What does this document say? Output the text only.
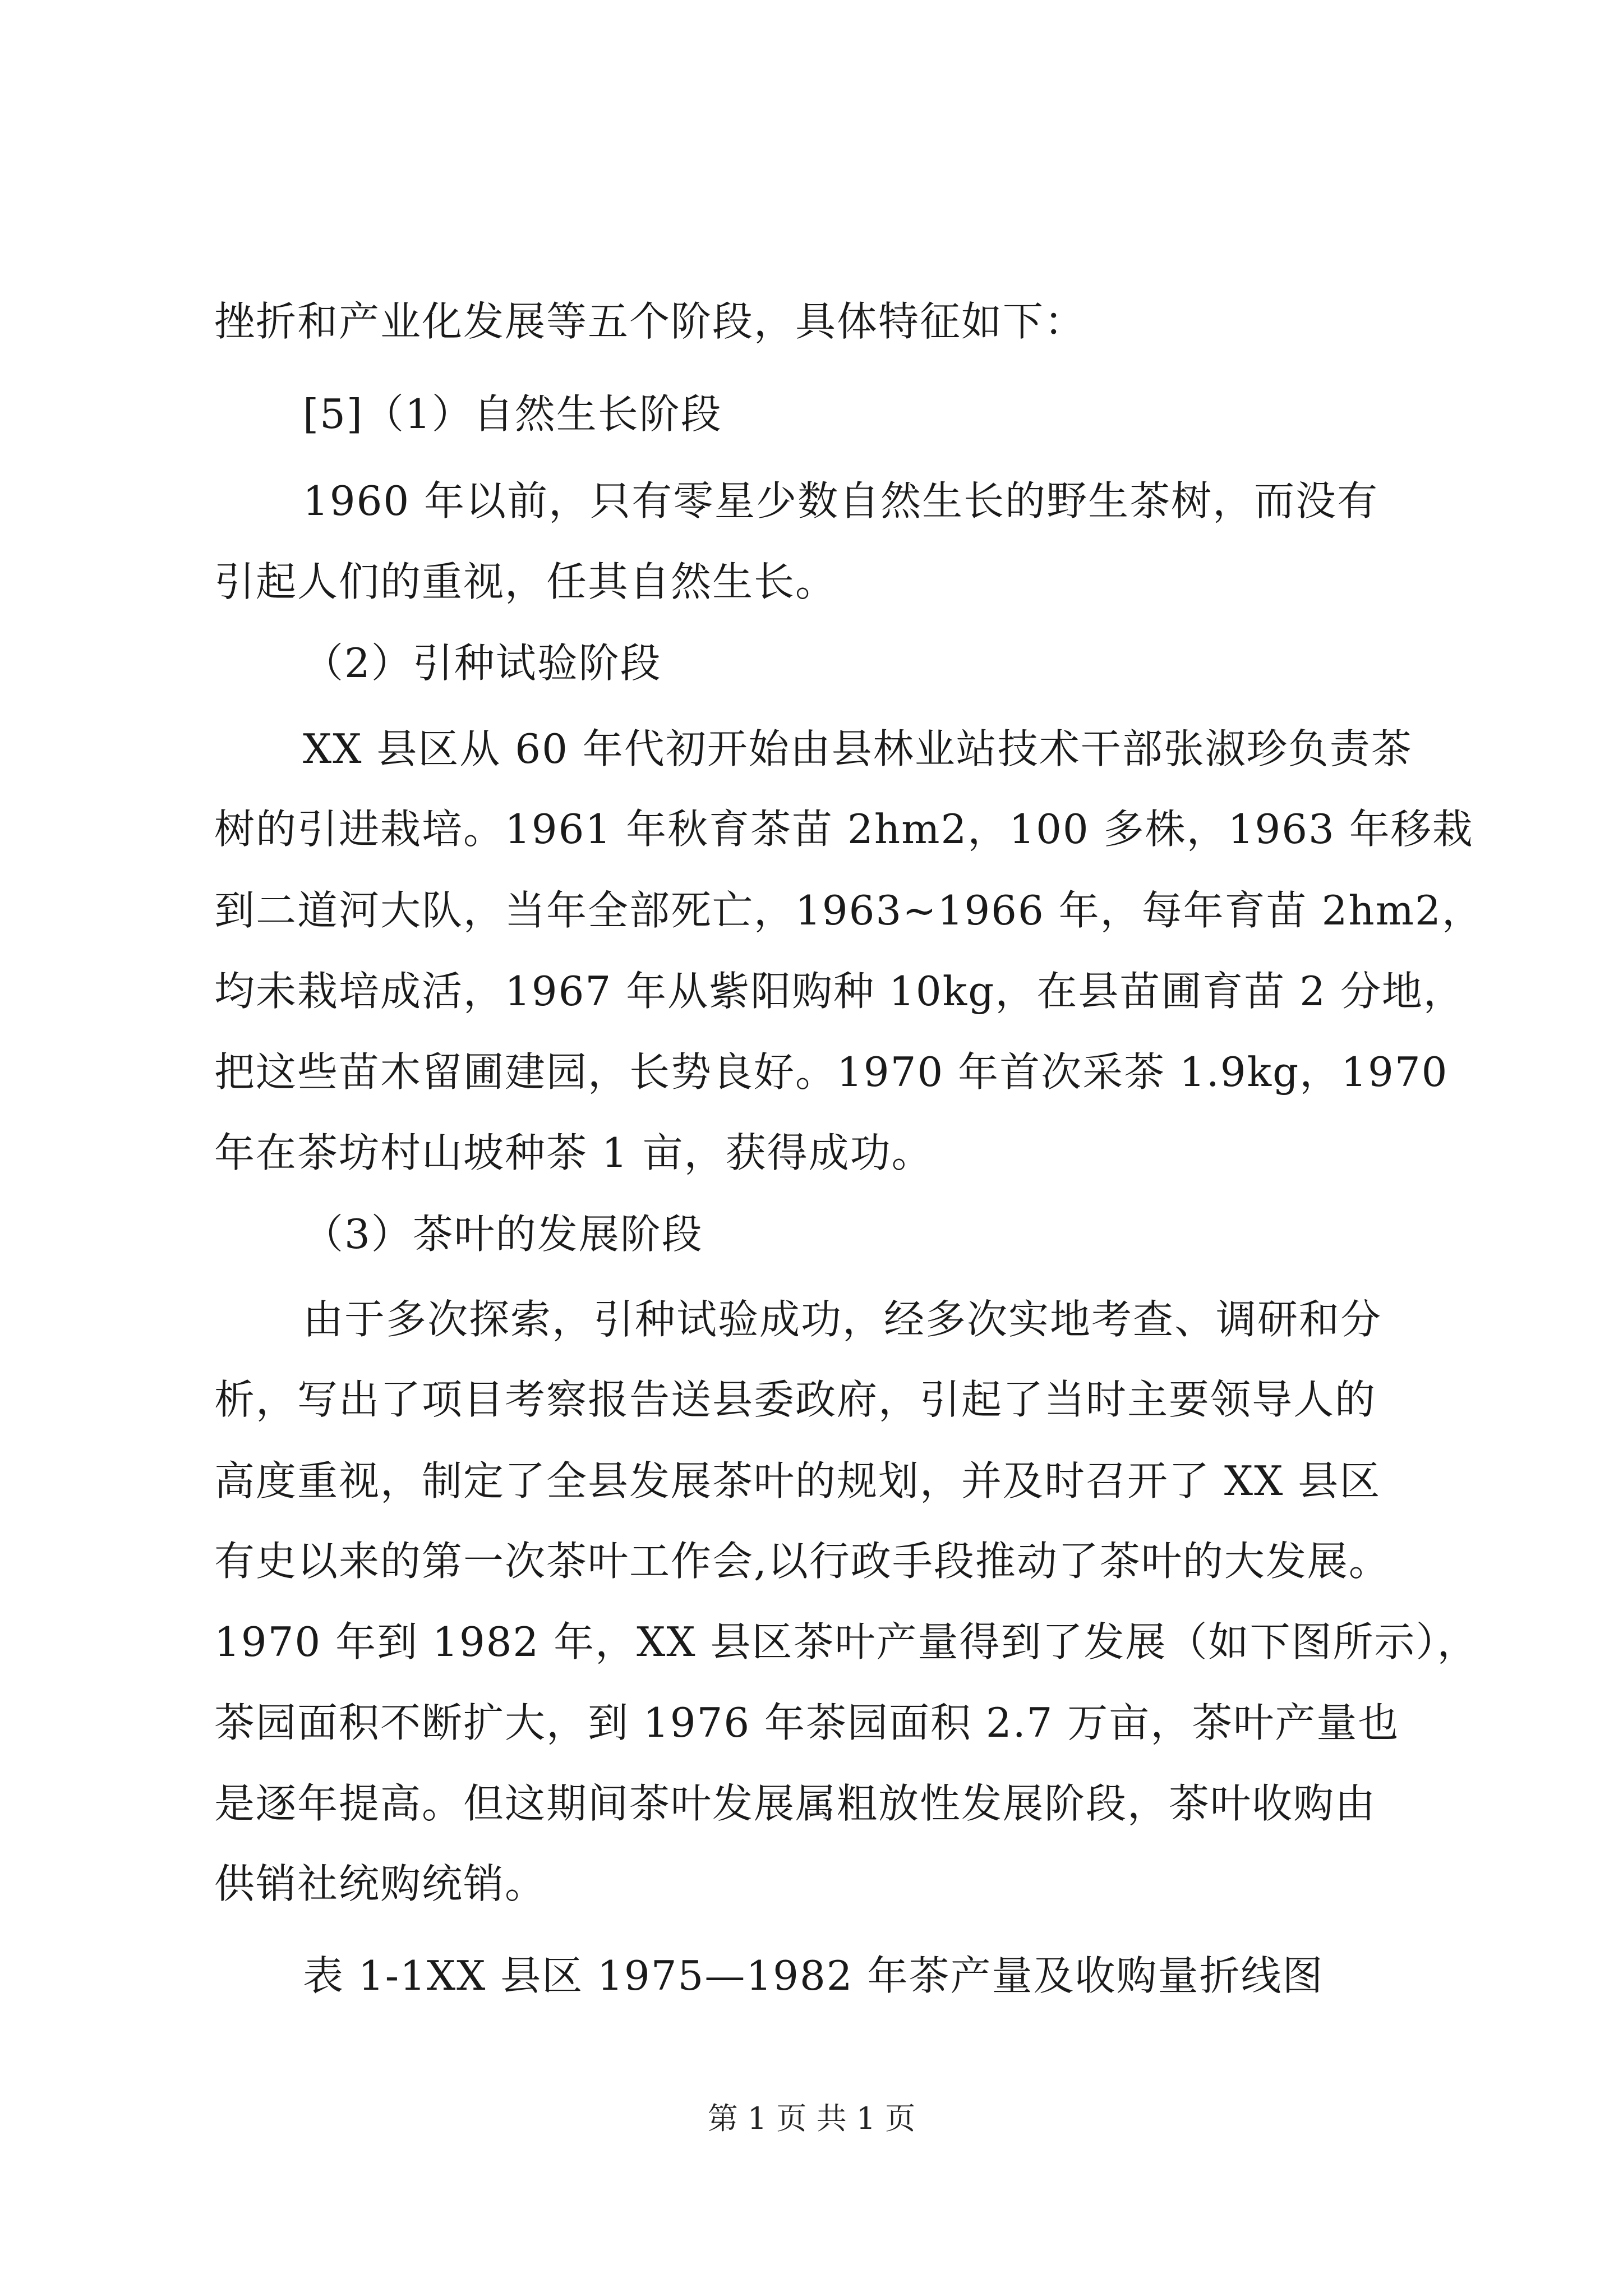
挫折和产业化发展等五个阶段，具体特征如下：
[5]（1）自然生长阶段
1960 年以前，只有零星少数自然生长的野生茶树，而没有
引起人们的重视，任其自然生长。
（2）引种试验阶段
XX 县区从 60 年代初开始由县林业站技术干部张淑珍负责茶
树的引进栽培。1961 年秋育茶苗 2hm2，100 多株，1963 年移栽
到二道河大队，当年全部死亡，1963~1966 年，每年育苗 2hm2，
均未栽培成活，1967 年从紫阳购种 10kg，在县苗圃育苗 2 分地，
把这些苗木留圃建园，长势良好。1970 年首次采茶 1.9kg，1970
年在茶坊村山坡种茶 1 亩，获得成功。
（3）茶叶的发展阶段
由于多次探索，引种试验成功，经多次实地考查、调研和分
析，写出了项目考察报告送县委政府，引起了当时主要领导人的
高度重视，制定了全县发展茶叶的规划，并及时召开了 XX 县区
有史以来的第一次茶叶工作会,以行政手段推动了茶叶的大发展。
1970 年到 1982 年，XX 县区茶叶产量得到了发展（如下图所示），
茶园面积不断扩大，到 1976 年茶园面积 2.7 万亩，茶叶产量也
是逐年提高。但这期间茶叶发展属粗放性发展阶段，茶叶收购由
供销社统购统销。
表 1-1XX 县区 1975—1982 年茶产量及收购量折线图
第 1 页 共 1 页
